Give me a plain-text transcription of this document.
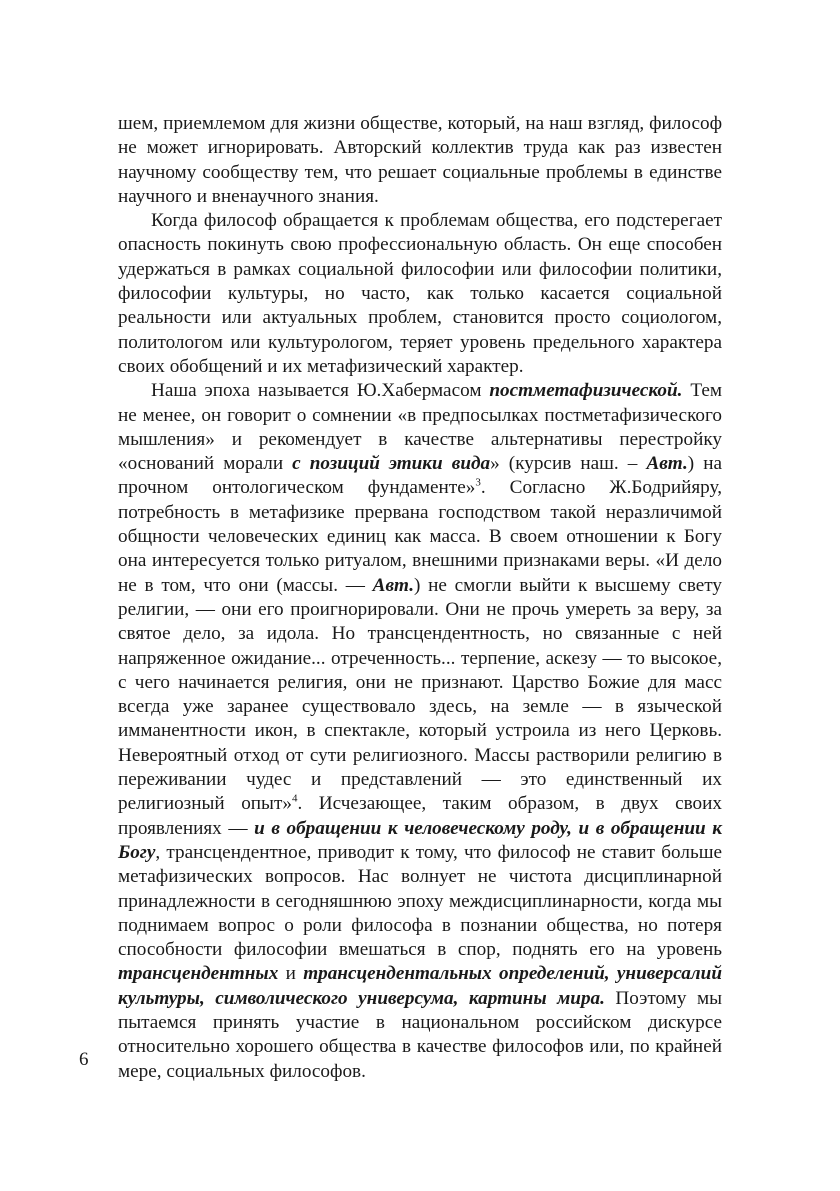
шем, приемлемом для жизни обществе, который, на наш взгляд, философ не может игнорировать. Авторский коллектив труда как раз известен научному сообществу тем, что решает социальные проблемы в единстве научного и вненаучного знания.

Когда философ обращается к проблемам общества, его подстерегает опасность покинуть свою профессиональную область. Он еще способен удержаться в рамках социальной философии или философии политики, философии культуры, но часто, как только касается социальной реальности или актуальных проблем, становится просто социологом, политологом или культурологом, теряет уровень предельного характера своих обобщений и их метафизический характер.

Наша эпоха называется Ю.Хабермасом постметафизической. Тем не менее, он говорит о сомнении «в предпосылках постметафизического мышления» и рекомендует в качестве альтернативы перестройку «оснований морали с позиций этики вида» (курсив наш. – Авт.) на прочном онтологическом фундаменте»$^3$. Согласно Ж.Бодрийяру, потребность в метафизике прервана господством такой неразличимой общности человеческих единиц как масса. В своем отношении к Богу она интересуется только ритуалом, внешними признаками веры. «И дело не в том, что они (массы. — Авт.) не смогли выйти к высшему свету религии, — они его проигнорировали. Они не прочь умереть за веру, за святое дело, за идола. Но трансцендентность, но связанные с ней напряженное ожидание... отреченность... терпение, аскезу — то высокое, с чего начинается религия, они не признают. Царство Божие для масс всегда уже заранее существовало здесь, на земле — в языческой имманентности икон, в спектакле, который устроила из него Церковь. Невероятный отход от сути религиозного. Массы растворили религию в переживании чудес и представлений — это единственный их религиозный опыт»$^4$. Исчезающее, таким образом, в двух своих проявлениях — и в обращении к человеческому роду, и в обращении к Богу, трансцендентное, приводит к тому, что философ не ставит больше метафизических вопросов. Нас волнует не чистота дисциплинарной принадлежности в сегодняшнюю эпоху междисциплинарности, когда мы поднимаем вопрос о роли философа в познании общества, но потеря способности философии вмешаться в спор, поднять его на уровень трансцендентных и трансцендентальных определений, универсалий культуры, символического универсума, картины мира. Поэтому мы пытаемся принять участие в национальном российском дискурсе относительно хорошего общества в качестве философов или, по крайней мере, социальных философов.

6
